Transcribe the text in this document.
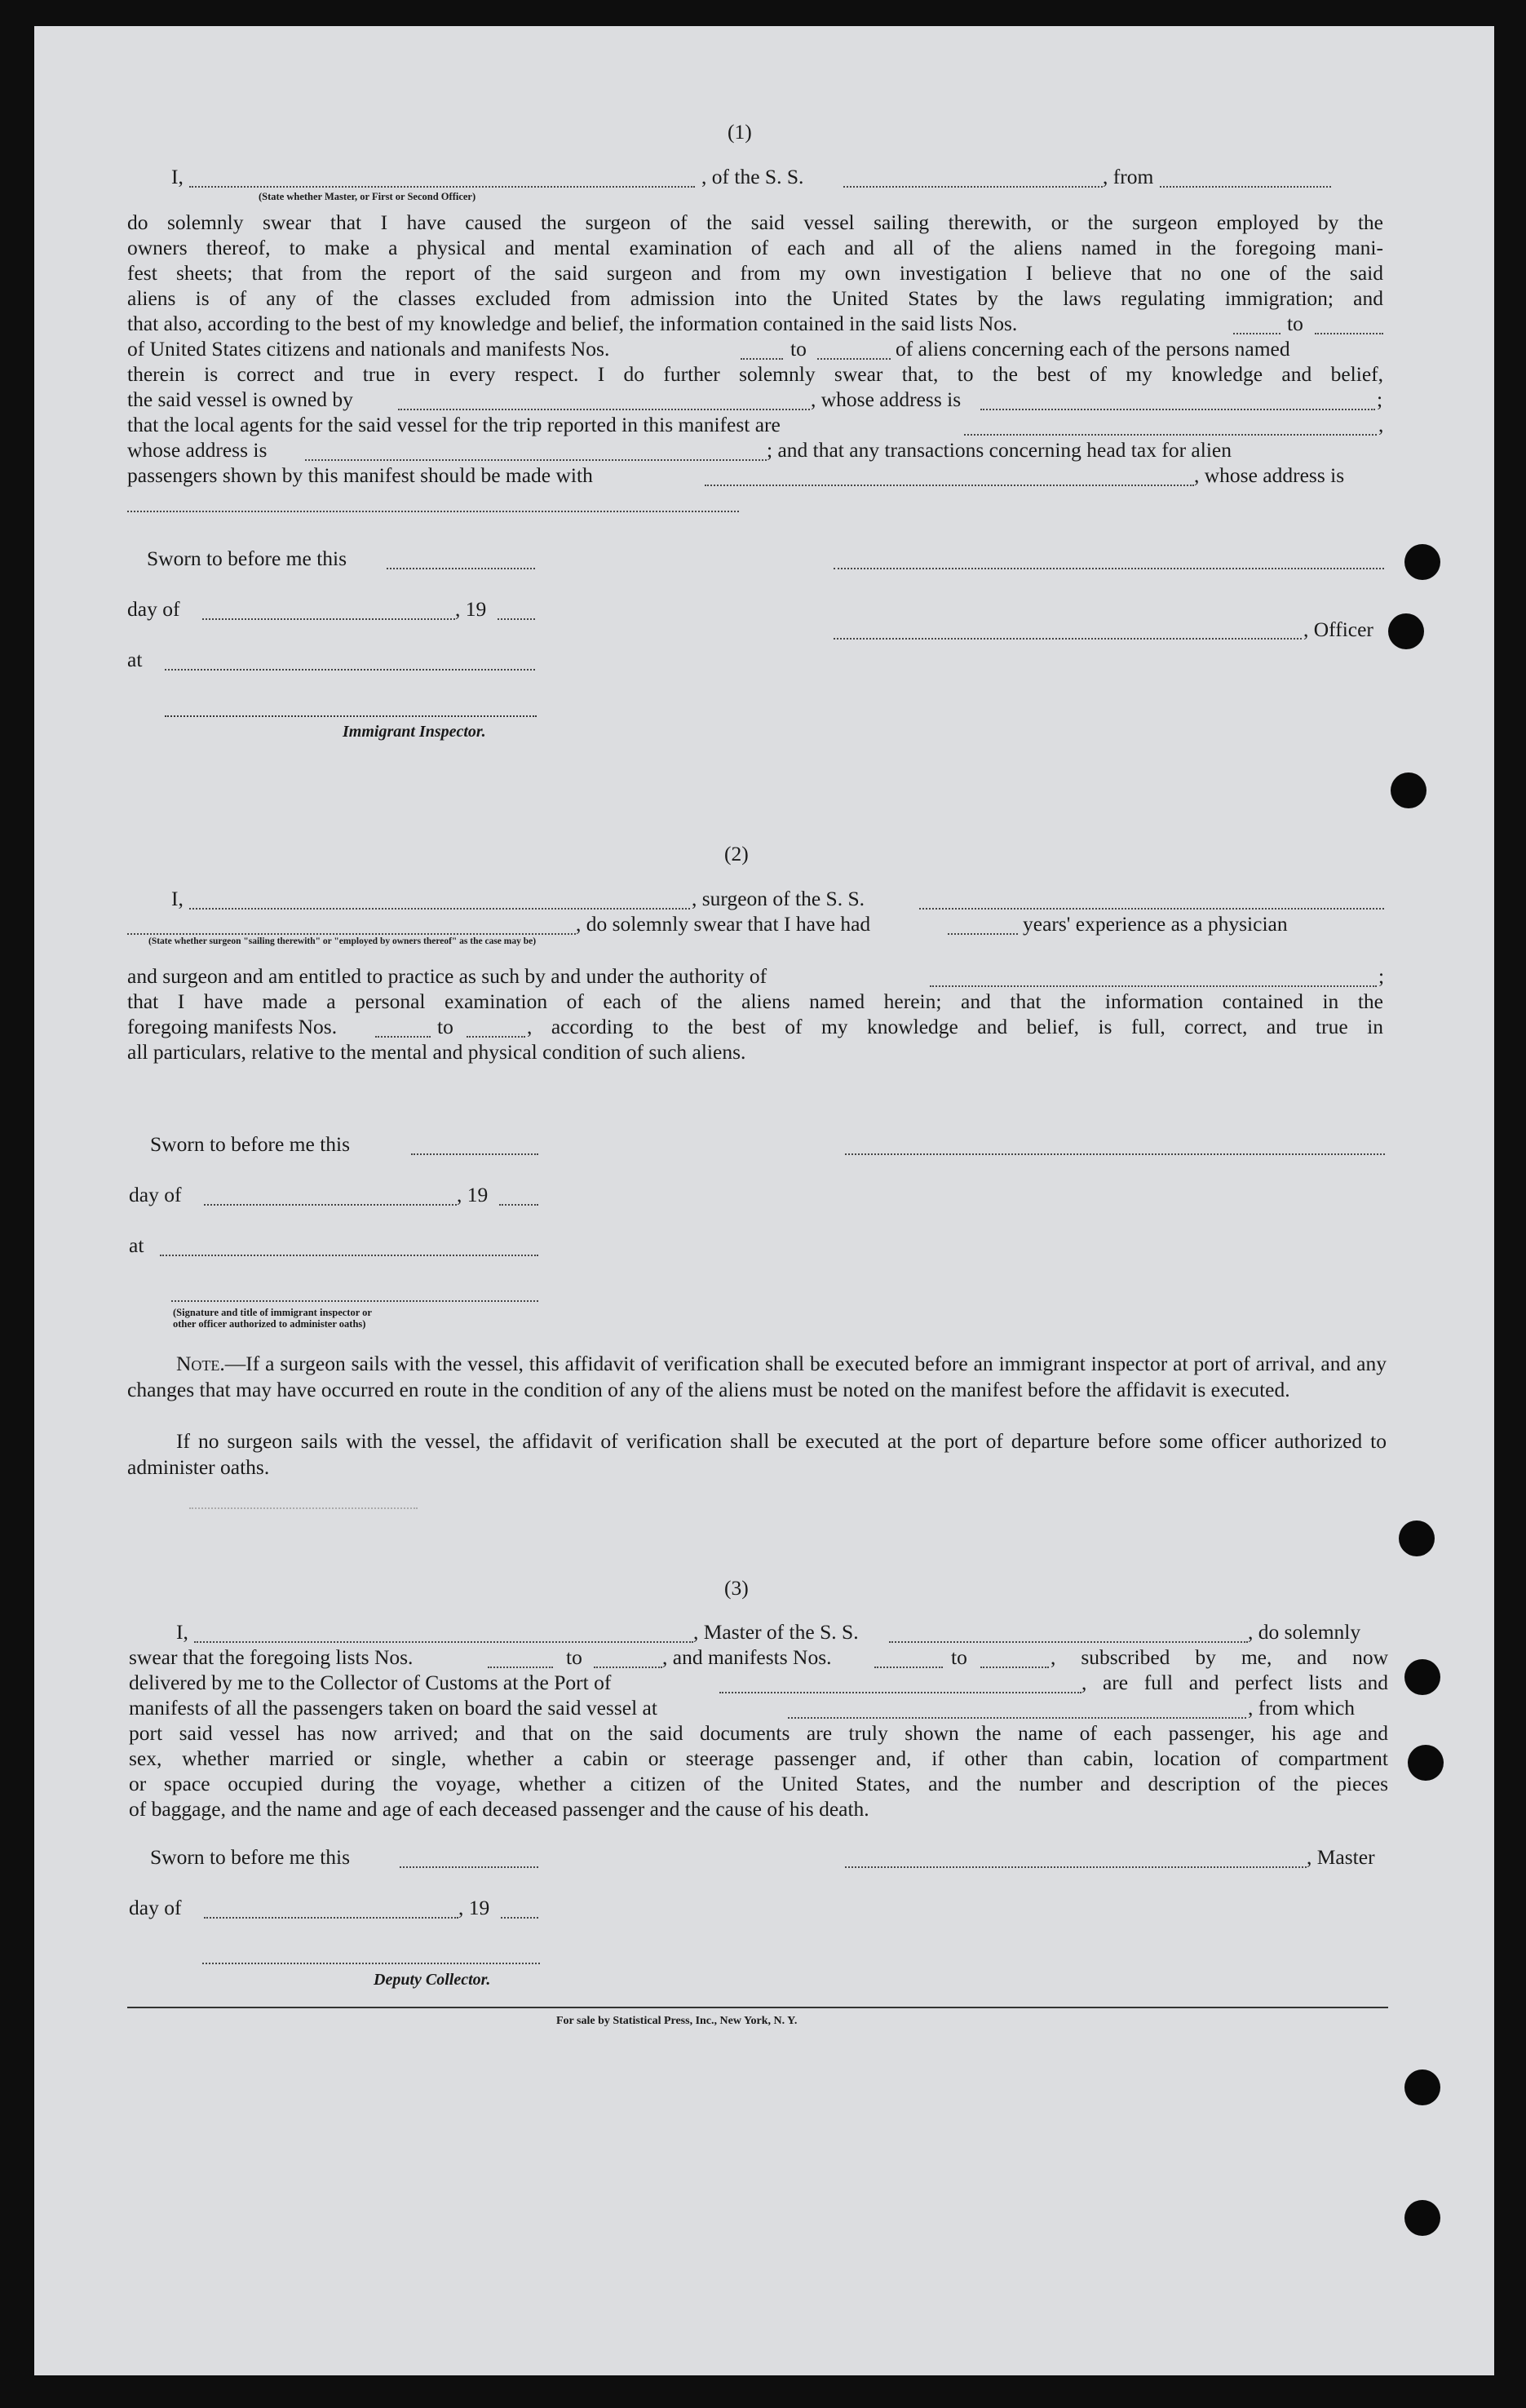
(1)
I,
(State whether Master, or First or Second Officer)
, of the S. S.	, from
do solemnly swear that I have caused the surgeon of the said vessel sailing therewith, or the surgeon employed by the
owners thereof, to make a physical and mental examination of each and all of the aliens named in the foregoing mani-
fest sheets; that from the report of the said surgeon and from my own investigation I believe that no one of the said
aliens is of any of the classes excluded from admission into the United States by the laws regulating immigration; and
that also, according to the best of my knowledge and belief, the information contained in the said lists Nos.	to
of United States citizens and nationals and manifests Nos.	to	of aliens concerning each of the persons named
therein is correct and true in every respect. I do further solemnly swear that, to the best of my knowledge and belief,
the said vessel is owned by	, whose address is	;
that the local agents for the said vessel for the trip reported in this manifest are	,
whose address is	; and that any transactions concerning head tax for alien
passengers shown by this manifest should be made with	, whose address is
Sworn to before me this
day of	, 19
, Officer
at
Immigrant Inspector.
(2)
I,	, surgeon of the S. S.
(State whether surgeon "sailing therewith" or "employed by owners thereof" as the case may be)
, do solemnly swear that I have had	years' experience as a physician
and surgeon and am entitled to practice as such by and under the authority of	;
that I have made a personal examination of each of the aliens named herein; and that the information contained in the
foregoing manifests Nos.	to	, according to the best of my knowledge and belief, is full, correct, and true in
all particulars, relative to the mental and physical condition of such aliens.
Sworn to before me this
day of	, 19
at
(Signature and title of immigrant inspector or
other officer authorized to administer oaths)
Note.—If a surgeon sails with the vessel, this affidavit of verification shall be executed before an immigrant inspector at port of arrival, and any changes that may have occurred en route in the condition of any of the aliens must be noted on the manifest before the affidavit is executed.
If no surgeon sails with the vessel, the affidavit of verification shall be executed at the port of departure before some officer authorized to administer oaths.
(3)
I,	, Master of the S. S.	, do solemnly
swear that the foregoing lists Nos.	to	, and manifests Nos.	to	, subscribed by me, and now
delivered by me to the Collector of Customs at the Port of	, are full and perfect lists and
manifests of all the passengers taken on board the said vessel at	, from which
port said vessel has now arrived; and that on the said documents are truly shown the name of each passenger, his age and
sex, whether married or single, whether a cabin or steerage passenger and, if other than cabin, location of compartment
or space occupied during the voyage, whether a citizen of the United States, and the number and description of the pieces
of baggage, and the name and age of each deceased passenger and the cause of his death.
Sworn to before me this	, Master
day of	, 19
Deputy Collector.
For sale by Statistical Press, Inc., New York, N. Y.
